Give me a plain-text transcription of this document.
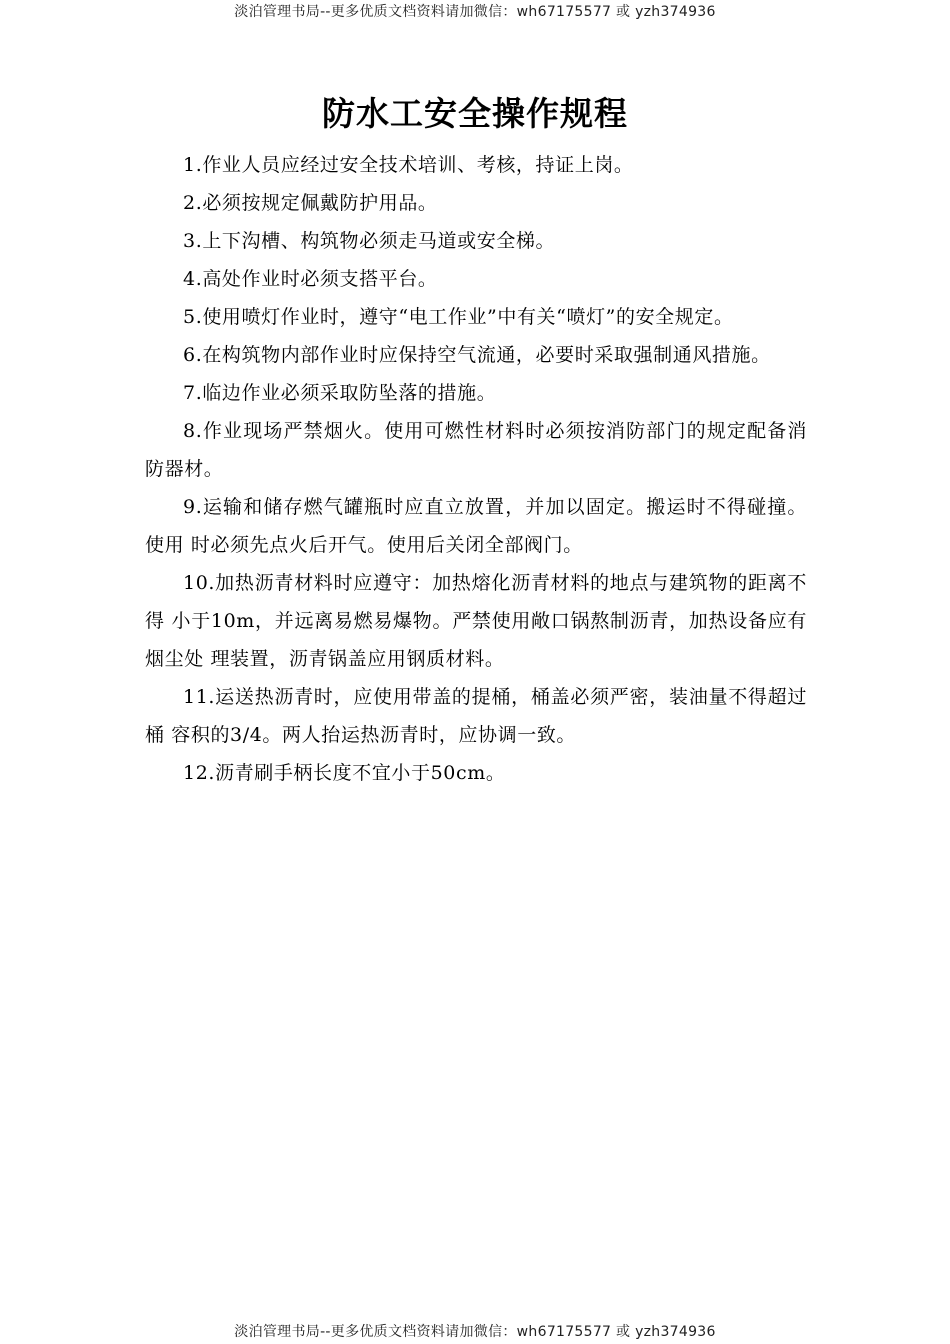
淡泊管理书局--更多优质文档资料请加微信：wh67175577 或 yzh374936
防水工安全操作规程
1.作业人员应经过安全技术培训、考核，持证上岗。
2.必须按规定佩戴防护用品。
3.上下沟槽、构筑物必须走马道或安全梯。
4.高处作业时必须支搭平台。
5.使用喷灯作业时，遵守“电工作业”中有关“喷灯”的安全规定。
6.在构筑物内部作业时应保持空气流通，必要时采取强制通风措施。
7.临边作业必须采取防坠落的措施。
8.作业现场严禁烟火。使用可燃性材料时必须按消防部门的规定配备消防器材。
9.运输和储存燃气罐瓶时应直立放置，并加以固定。搬运时不得碰撞。使用 时必须先点火后开气。使用后关闭全部阀门。
10.加热沥青材料时应遵守：加热熔化沥青材料的地点与建筑物的距离不得 小于10m，并远离易燃易爆物。严禁使用敞口锅熬制沥青，加热设备应有烟尘处 理装置，沥青锅盖应用钢质材料。
11.运送热沥青时，应使用带盖的提桶，桶盖必须严密，装油量不得超过桶 容积的3/4。两人抬运热沥青时，应协调一致。
12.沥青刷手柄长度不宜小于50cm。
淡泊管理书局--更多优质文档资料请加微信：wh67175577 或 yzh374936
